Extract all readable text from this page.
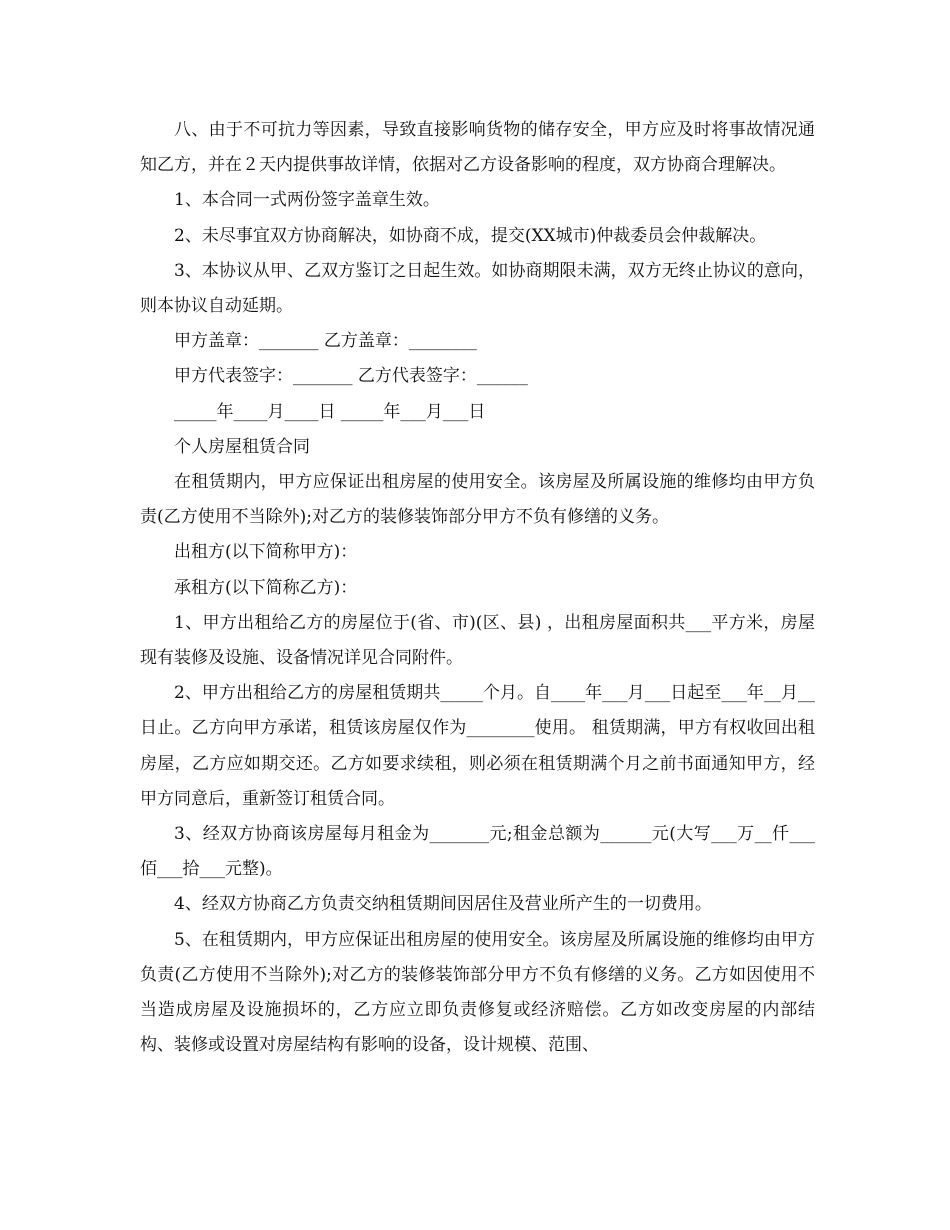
八、由于不可抗力等因素，导致直接影响货物的储存安全，甲方应及时将事故情况通知乙方，并在２天内提供事故详情，依据对乙方设备影响的程度，双方协商合理解决。

1、本合同一式两份签字盖章生效。

2、未尽事宜双方协商解决，如协商不成，提交(XX城市)仲裁委员会仲裁解决。

3、本协议从甲、乙双方鉴订之日起生效。如协商期限未满，双方无终止协议的意向，则本协议自动延期。

甲方盖章：_______ 乙方盖章：________

甲方代表签字：_______ 乙方代表签字：______

_____年____月____日 _____年___月___日

个人房屋租赁合同

在租赁期内，甲方应保证出租房屋的使用安全。该房屋及所属设施的维修均由甲方负责(乙方使用不当除外);对乙方的装修装饰部分甲方不负有修缮的义务。

出租方(以下简称甲方)：

承租方(以下简称乙方)：

1、甲方出租给乙方的房屋位于(省、市)(区、县) ，出租房屋面积共___平方米，房屋现有装修及设施、设备情况详见合同附件。

2、甲方出租给乙方的房屋租赁期共_____个月。自____年___月___日起至___年__月__日止。乙方向甲方承诺，租赁该房屋仅作为________使用。 租赁期满，甲方有权收回出租房屋，乙方应如期交还。乙方如要求续租，则必须在租赁期满个月之前书面通知甲方，经甲方同意后，重新签订租赁合同。

3、经双方协商该房屋每月租金为_______元;租金总额为______元(大写___万__仟___佰___拾___元整)。

4、经双方协商乙方负责交纳租赁期间因居住及营业所产生的一切费用。

5、在租赁期内，甲方应保证出租房屋的使用安全。该房屋及所属设施的维修均由甲方负责(乙方使用不当除外);对乙方的装修装饰部分甲方不负有修缮的义务。乙方如因使用不当造成房屋及设施损坏的，乙方应立即负责修复或经济赔偿。乙方如改变房屋的内部结构、装修或设置对房屋结构有影响的设备，设计规模、范围、
